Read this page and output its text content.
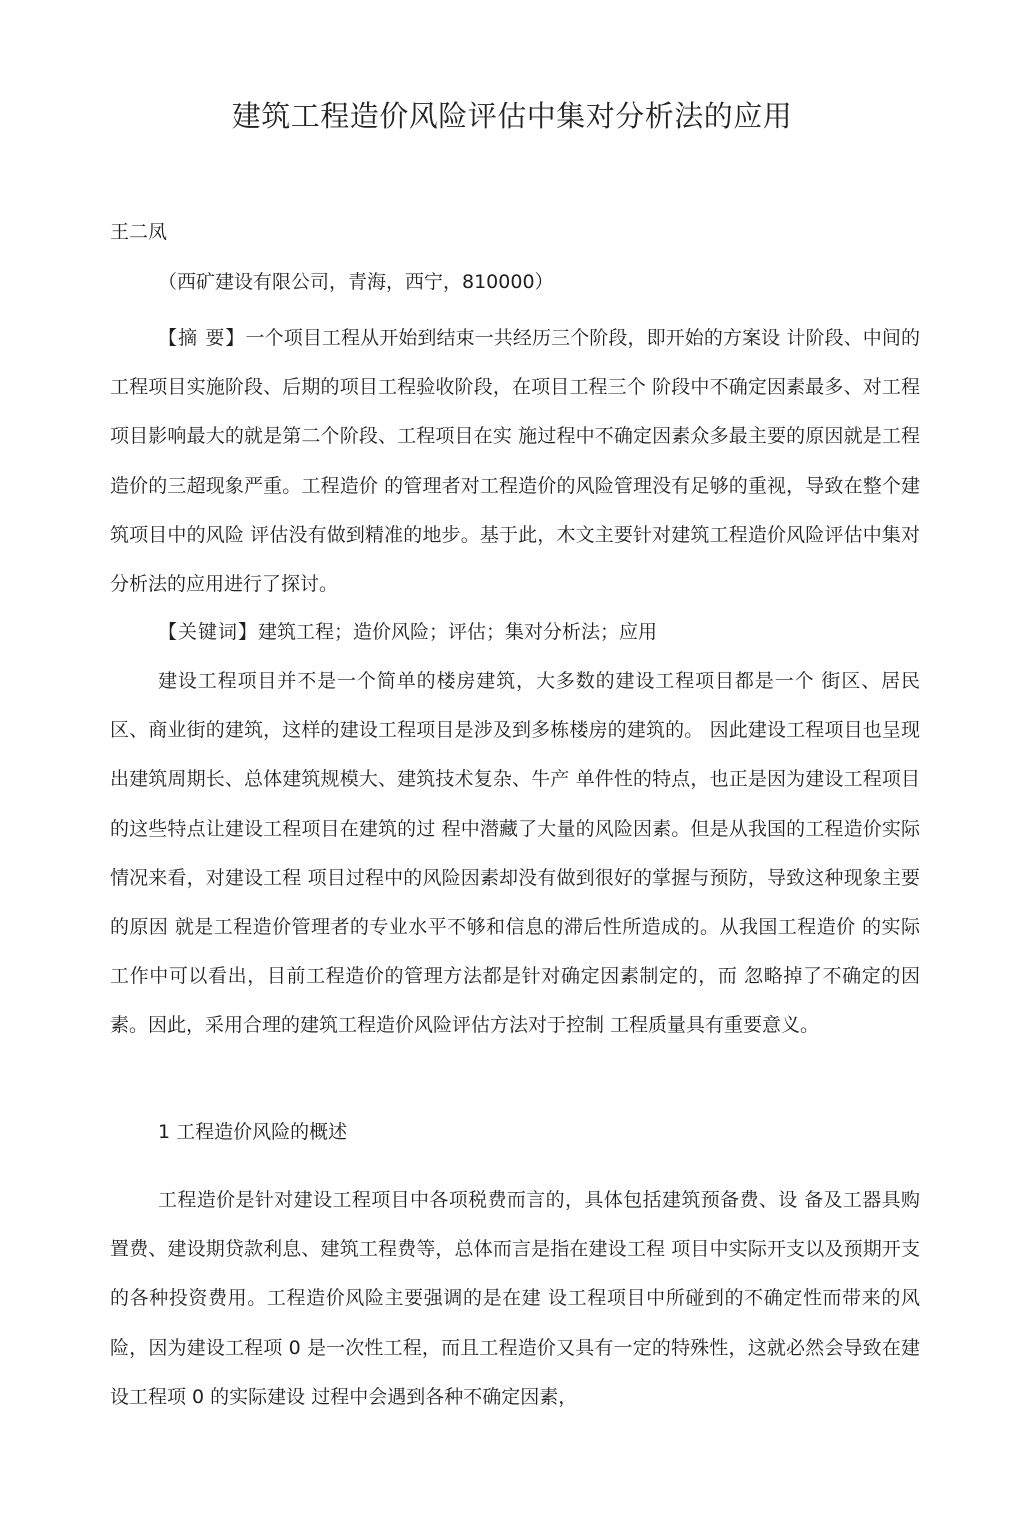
建筑工程造价风险评估中集对分析法的应用
王二凤
（西矿建设有限公司，青海，西宁，810000）
【摘 要】一个项目工程从开始到结束一共经历三个阶段，即开始的方案设 计阶段、中间的工程项目实施阶段、后期的项目工程验收阶段，在项目工程三个 阶段中不确定因素最多、对工程项目影响最大的就是第二个阶段、工程项目在实 施过程中不确定因素众多最主要的原因就是工程造价的三超现象严重。工程造价 的管理者对工程造价的风险管理没有足够的重视，导致在整个建筑项目中的风险 评估没有做到精准的地步。基于此，木文主要针对建筑工程造价风险评估中集对 分析法的应用进行了探讨。
【关键词】建筑工程；造价风险；评估；集对分析法；应用
建设工程项目并不是一个简单的楼房建筑，大多数的建设工程项目都是一个 街区、居民区、商业街的建筑，这样的建设工程项目是涉及到多栋楼房的建筑的。 因此建设工程项目也呈现出建筑周期长、总体建筑规模大、建筑技术复杂、牛产 单件性的特点，也正是因为建设工程项目的这些特点让建设工程项目在建筑的过 程中潜藏了大量的风险因素。但是从我国的工程造价实际情况来看，对建设工程 项目过程中的风险因素却没有做到很好的掌握与预防，导致这种现象主要的原因 就是工程造价管理者的专业水平不够和信息的滞后性所造成的。从我国工程造价 的实际工作中可以看出，目前工程造价的管理方法都是针对确定因素制定的，而 忽略掉了不确定的因素。因此，采用合理的建筑工程造价风险评估方法对于控制 工程质量具有重要意义。
1 工程造价风险的概述
工程造价是针对建设工程项目中各项税费而言的，具体包括建筑预备费、设 备及工器具购置费、建设期贷款利息、建筑工程费等，总体而言是指在建设工程 项目中实际开支以及预期开支的各种投资费用。工程造价风险主要强调的是在建 设工程项目中所碰到的不确定性而带来的风险，因为建设工程项 0 是一次性工程，而且工程造价又具有一定的特殊性，这就必然会导致在建设工程项 0 的实际建设 过程中会遇到各种不确定因素，
